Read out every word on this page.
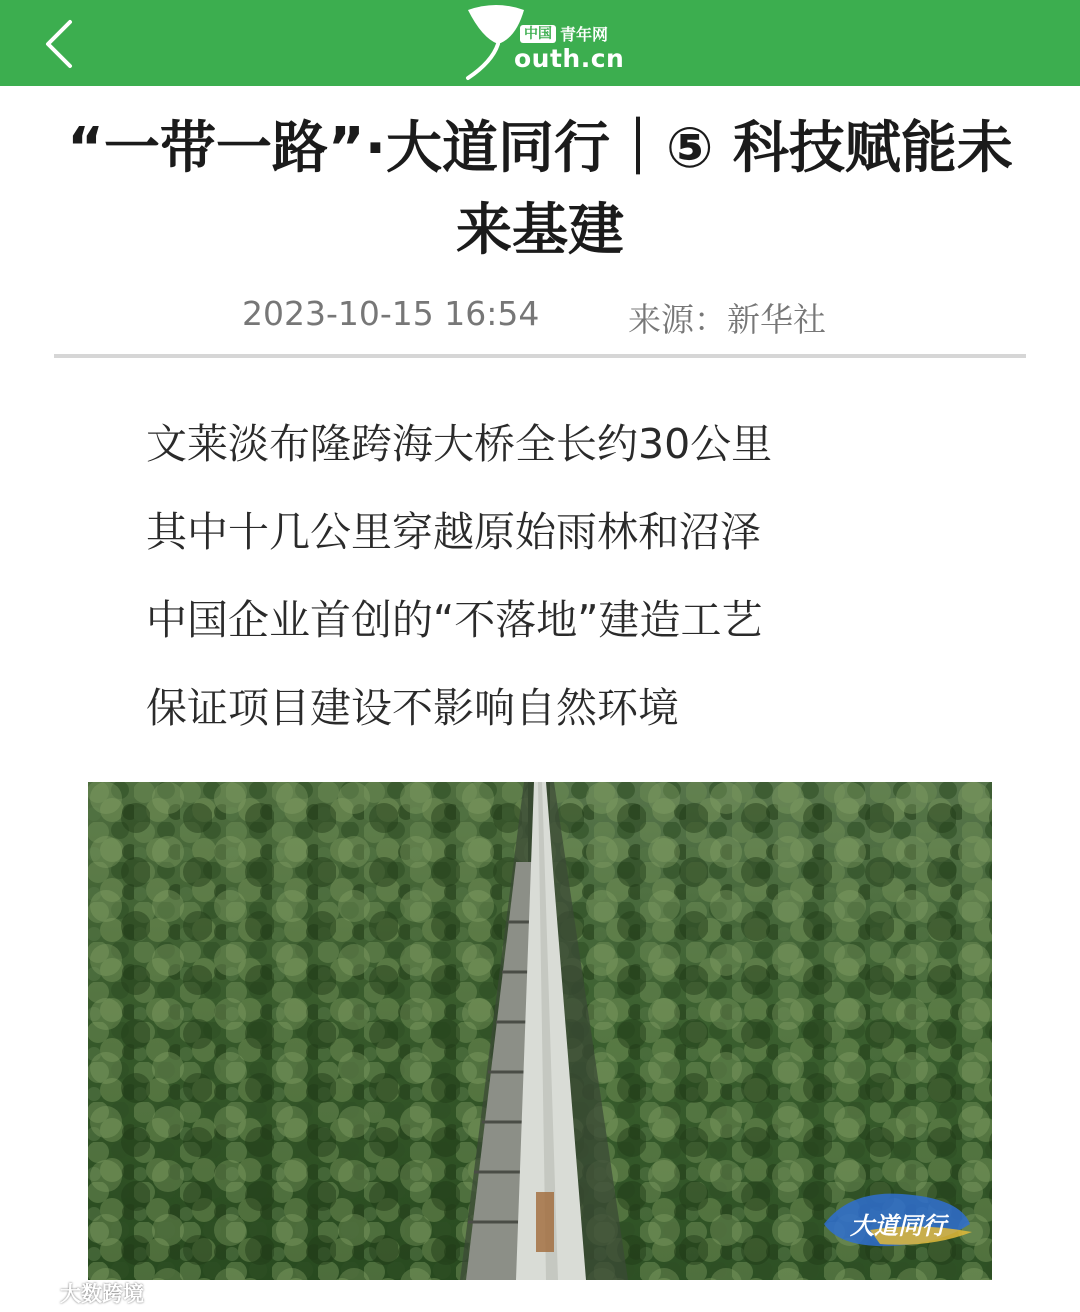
中国 青年网
outh.cn
“一带一路”·大道同行｜⑤ 科技赋能未来基建
2023-10-15 16:54	来源：新华社

文莱淡布隆跨海大桥全长约30公里

其中十几公里穿越原始雨林和沼泽

中国企业首创的“不落地”建造工艺

保证项目建设不影响自然环境

大道同行
大数跨境
